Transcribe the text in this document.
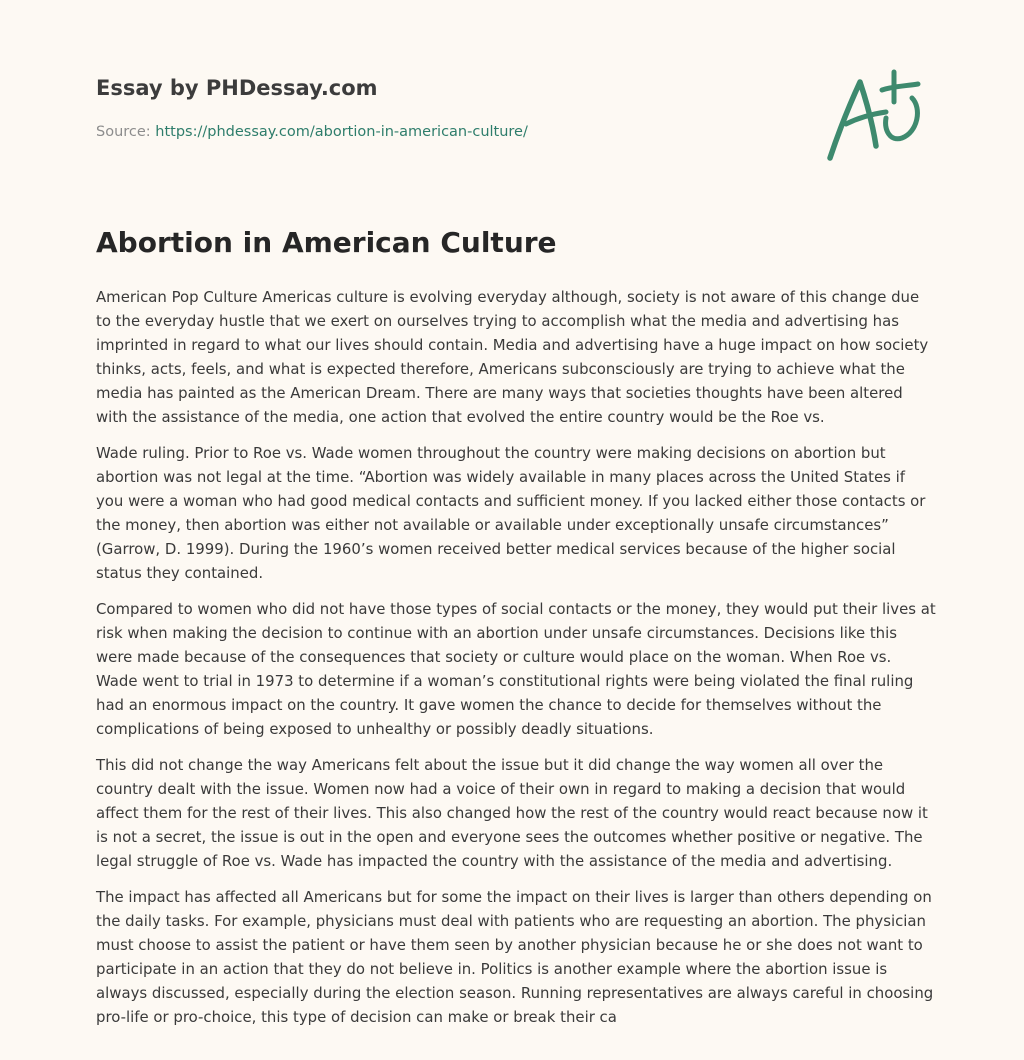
Essay by PHDessay.com
Source: https://phdessay.com/abortion-in-american-culture/
Abortion in American Culture

American Pop Culture Americas culture is evolving everyday although, society is not aware of this change due to the everyday hustle that we exert on ourselves trying to accomplish what the media and advertising has imprinted in regard to what our lives should contain. Media and advertising have a huge impact on how society thinks, acts, feels, and what is expected therefore, Americans subconsciously are trying to achieve what the media has painted as the American Dream. There are many ways that societies thoughts have been altered with the assistance of the media, one action that evolved the entire country would be the Roe vs.

Wade ruling. Prior to Roe vs. Wade women throughout the country were making decisions on abortion but abortion was not legal at the time. “Abortion was widely available in many places across the United States if you were a woman who had good medical contacts and sufficient money. If you lacked either those contacts or the money, then abortion was either not available or available under exceptionally unsafe circumstances” (Garrow, D. 1999). During the 1960’s women received better medical services because of the higher social status they contained.

Compared to women who did not have those types of social contacts or the money, they would put their lives at risk when making the decision to continue with an abortion under unsafe circumstances. Decisions like this were made because of the consequences that society or culture would place on the woman. When Roe vs. Wade went to trial in 1973 to determine if a woman’s constitutional rights were being violated the final ruling had an enormous impact on the country. It gave women the chance to decide for themselves without the complications of being exposed to unhealthy or possibly deadly situations.

This did not change the way Americans felt about the issue but it did change the way women all over the country dealt with the issue. Women now had a voice of their own in regard to making a decision that would affect them for the rest of their lives. This also changed how the rest of the country would react because now it is not a secret, the issue is out in the open and everyone sees the outcomes whether positive or negative. The legal struggle of Roe vs. Wade has impacted the country with the assistance of the media and advertising.

The impact has affected all Americans but for some the impact on their lives is larger than others depending on the daily tasks. For example, physicians must deal with patients who are requesting an abortion. The physician must choose to assist the patient or have them seen by another physician because he or she does not want to participate in an action that they do not believe in. Politics is another example where the abortion issue is always discussed, especially during the election season. Running representatives are always careful in choosing pro-life or pro-choice, this type of decision can make or break their ca
